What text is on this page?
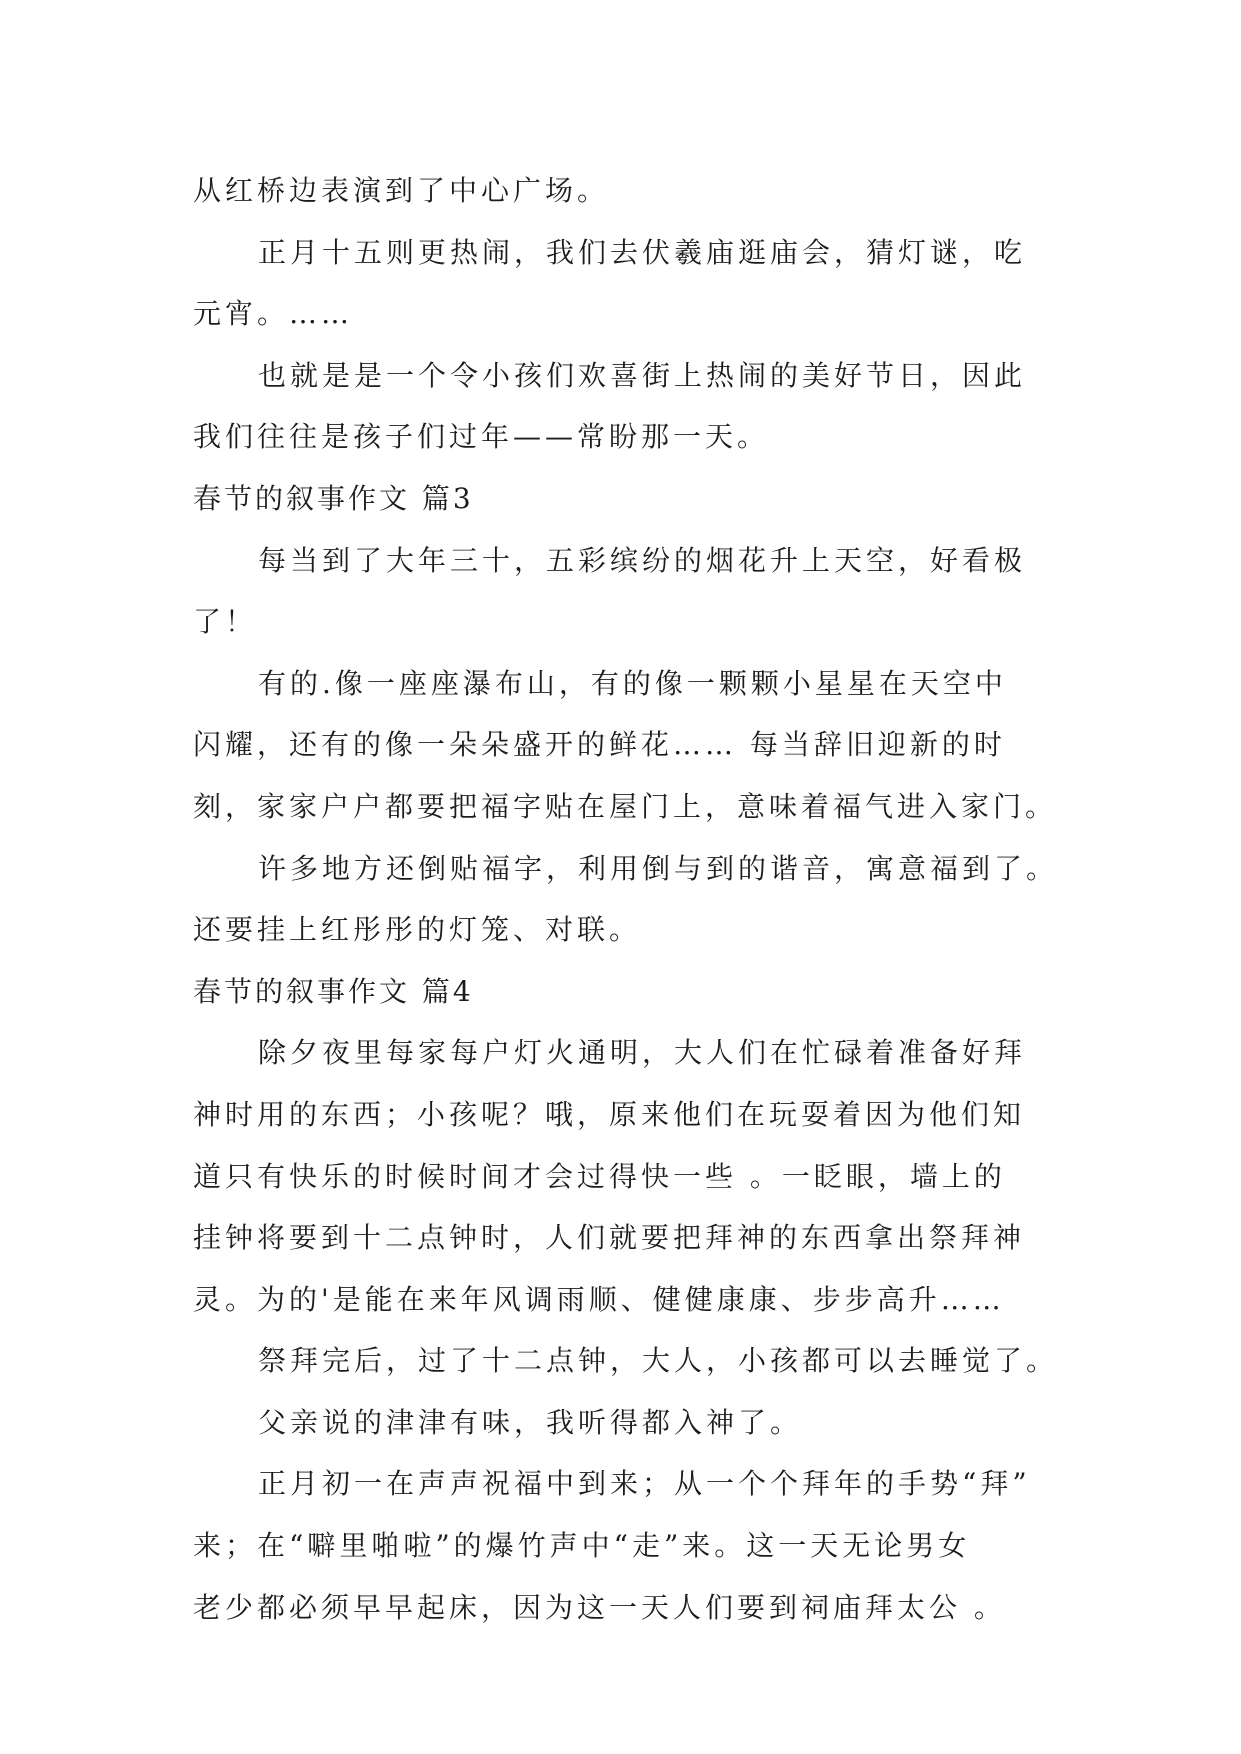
从红桥边表演到了中心广场。
正月十五则更热闹，我们去伏羲庙逛庙会，猜灯谜，吃
元宵。……
也就是是一个令小孩们欢喜街上热闹的美好节日，因此
我们往往是孩子们过年——常盼那一天。
春节的叙事作文 篇3
每当到了大年三十，五彩缤纷的烟花升上天空，好看极
了！
有的.像一座座瀑布山，有的像一颗颗小星星在天空中
闪耀，还有的像一朵朵盛开的鲜花…… 每当辞旧迎新的时
刻，家家户户都要把福字贴在屋门上，意味着福气进入家门。
许多地方还倒贴福字，利用倒与到的谐音，寓意福到了。
还要挂上红彤彤的灯笼、对联。
春节的叙事作文 篇4
除夕夜里每家每户灯火通明，大人们在忙碌着准备好拜
神时用的东西；小孩呢？哦，原来他们在玩耍着因为他们知
道只有快乐的时候时间才会过得快一些 。一眨眼，墙上的
挂钟将要到十二点钟时，人们就要把拜神的东西拿出祭拜神
灵。为的'是能在来年风调雨顺、健健康康、步步高升……
祭拜完后，过了十二点钟，大人，小孩都可以去睡觉了。
父亲说的津津有味，我听得都入神了。
正月初一在声声祝福中到来；从一个个拜年的手势“拜”
来；在“噼里啪啦”的爆竹声中“走”来。这一天无论男女
老少都必须早早起床，因为这一天人们要到祠庙拜太公 。
